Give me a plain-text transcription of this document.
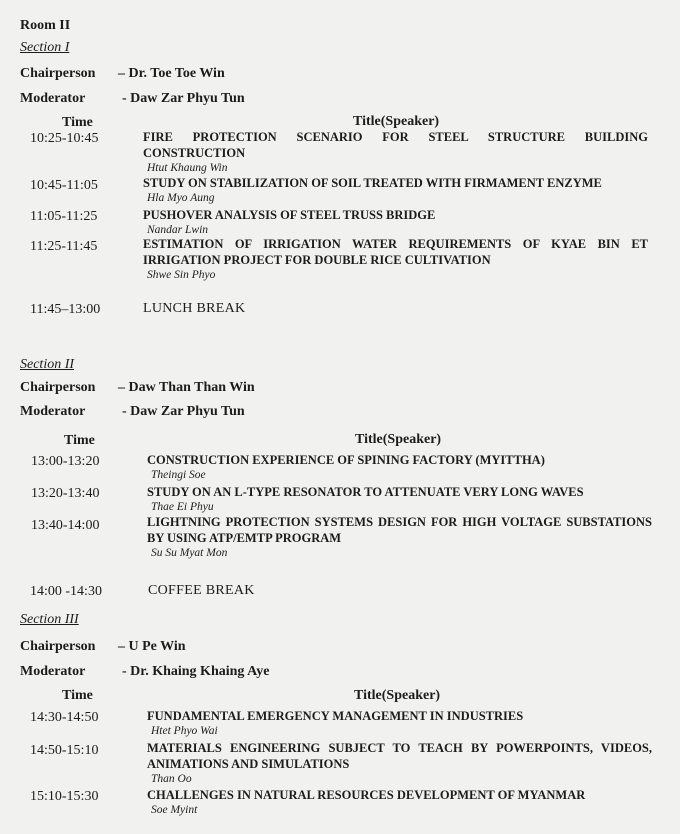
Room II
Section I
Chairperson – Dr. Toe Toe Win
Moderator	- Daw Zar Phyu Tun
Time	Title(Speaker)
10:25-10:45	FIRE PROTECTION SCENARIO FOR STEEL STRUCTURE BUILDING CONSTRUCTION

Htut Khaung Win
10:45-11:05	STUDY ON STABILIZATION OF SOIL TREATED WITH FIRMAMENT ENZYME

Hla Myo Aung
11:05-11:25	PUSHOVER ANALYSIS OF STEEL TRUSS BRIDGE

Nandar Lwin
11:25-11:45	ESTIMATION OF IRRIGATION WATER REQUIREMENTS OF KYAE BIN ET IRRIGATION PROJECT FOR DOUBLE RICE CULTIVATION

Shwe Sin Phyo
11:45–13:00	LUNCH BREAK
Section II
Chairperson – Daw Than Than Win
Moderator	- Daw Zar Phyu Tun
Time	Title(Speaker)
13:00-13:20	CONSTRUCTION EXPERIENCE OF SPINING FACTORY (MYITTHA)

Theingi Soe
13:20-13:40	STUDY ON AN L-TYPE RESONATOR TO ATTENUATE VERY LONG WAVES

Thae Ei Phyu
13:40-14:00	LIGHTNING PROTECTION SYSTEMS DESIGN FOR HIGH VOLTAGE SUBSTATIONS BY USING ATP/EMTP PROGRAM

Su Su Myat Mon
14:00 -14:30	COFFEE BREAK
Section III
Chairperson – U Pe Win
Moderator	- Dr. Khaing Khaing Aye
Time	Title(Speaker)
14:30-14:50	FUNDAMENTAL EMERGENCY MANAGEMENT IN INDUSTRIES

Htet Phyo Wai
14:50-15:10	MATERIALS ENGINEERING SUBJECT TO TEACH BY POWERPOINTS, VIDEOS, ANIMATIONS AND SIMULATIONS

Than Oo
15:10-15:30	CHALLENGES IN NATURAL RESOURCES DEVELOPMENT OF MYANMAR

Soe Myint
